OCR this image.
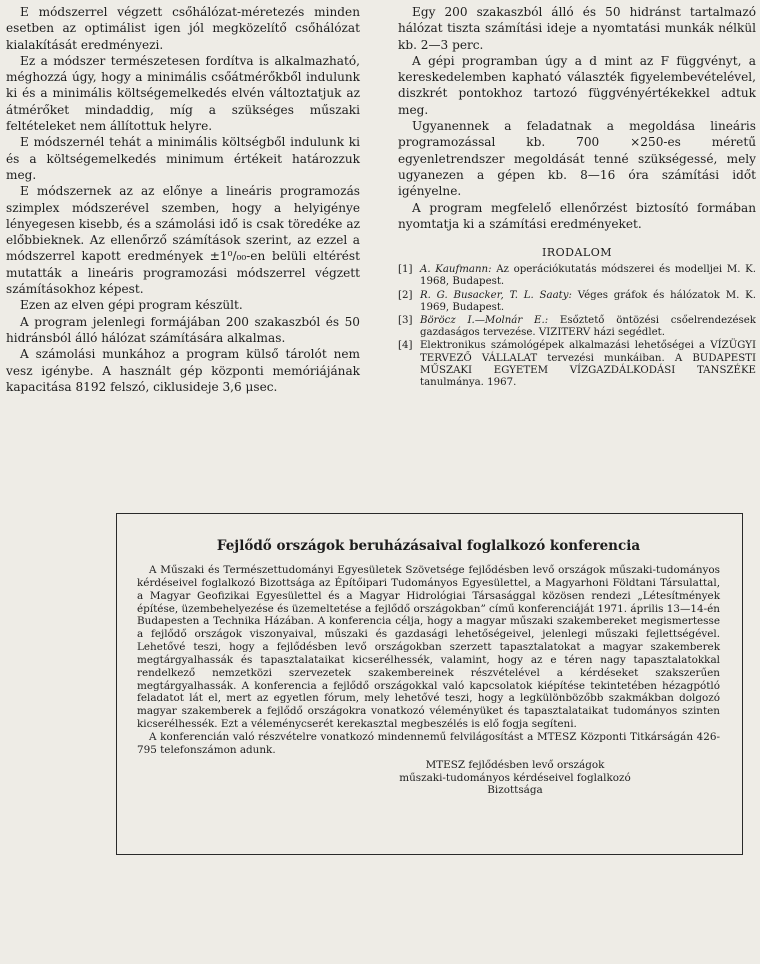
E módszerrel végzett csőhálózat-méretezés minden esetben az optimálist igen jól megközelítő csőhálózat kialakítását eredményezi.

Ez a módszer természetesen fordítva is alkalmazható, méghozzá úgy, hogy a minimális csőátmérőkből indulunk ki és a minimális költségemelkedés elvén változtatjuk az átmérőket mindaddig, míg a szükséges műszaki feltételeket nem állítottuk helyre.

E módszernél tehát a minimális költségből indulunk ki és a költségemelkedés minimum értékeit határozzuk meg.

E módszernek az az előnye a lineáris programozás szimplex módszerével szemben, hogy a helyigénye lényegesen kisebb, és a számolási idő is csak töredéke az előbbieknek. Az ellenőrző számítások szerint, az ezzel a módszerrel kapott eredmények ±1⁰/₀₀-en belüli eltérést mutatták a lineáris programozási módszerrel végzett számításokhoz képest.

Ezen az elven gépi program készült.

A program jelenlegi formájában 200 szakaszból és 50 hidránsból álló hálózat számítására alkalmas.

A számolási munkához a program külső tárolót nem vesz igénybe. A használt gép központi memóriájának kapacitása 8192 felszó, ciklusideje 3,6 μsec.

Egy 200 szakaszból álló és 50 hidránst tartalmazó hálózat tiszta számítási ideje a nyomtatási munkák nélkül kb. 2—3 perc.

A gépi programban úgy a d mint az F függvényt, a kereskedelemben kapható választék figyelembevételével, diszkrét pontokhoz tartozó függvényértékekkel adtuk meg.

Ugyanennek a feladatnak a megoldása lineáris programozással kb. 700 ×250-es méretű egyenletrendszer megoldását tenné szükségessé, mely ugyanezen a gépen kb. 8—16 óra számítási időt igényelne.

A program megfelelő ellenőrzést biztosító formában nyomtatja ki a számítási eredményeket.

IRODALOM
[1] A. Kaufmann: Az operációkutatás módszerei és modelljei M. K. 1968, Budapest.
[2] R. G. Busacker, T. L. Saaty: Véges gráfok és hálózatok M. K. 1969, Budapest.
[3] Böröcz I.—Molnár E.: Esőztető öntözési csőelrendezések gazdaságos tervezése. VIZITERV házi segédlet.
[4] Elektronikus számológépek alkalmazási lehetőségei a VÍZÜGYI TERVEZŐ VÁLLALAT tervezési munkáiban. A BUDAPESTI MŰSZAKI EGYETEM VÍZGAZDÁLKODÁSI TANSZÉKE tanulmánya. 1967.
Fejlődő országok beruházásaival foglalkozó konferencia

A Műszaki és Természettudományi Egyesületek Szövetsége fejlődésben levő országok műszaki-tudományos kérdéseivel foglalkozó Bizottsága az Építőipari Tudományos Egyesülettel, a Magyarhoni Földtani Társulattal, a Magyar Geofizikai Egyesülettel és a Magyar Hidrológiai Társasággal közösen rendezi „Létesítmények építése, üzembehelyezése és üzemeltetése a fejlődő országokban” című konferenciáját 1971. április 13—14-én Budapesten a Technika Házában. A konferencia célja, hogy a magyar műszaki szakembereket megismertesse a fejlődő országok viszonyaival, műszaki és gazdasági lehetőségeivel, jelenlegi műszaki fejlettségével. Lehetővé teszi, hogy a fejlődésben levő országokban szerzett tapasztalatokat a magyar szakemberek megtárgyalhassák és tapasztalataikat kicserélhessék, valamint, hogy az e téren nagy tapasztalatokkal rendelkező nemzetközi szervezetek szakembereinek részvételével a kérdéseket szakszerűen megtárgyalhassák. A konferencia a fejlődő országokkal való kapcsolatok kiépítése tekintetében hézagpótló feladatot lát el, mert az egyetlen fórum, mely lehetővé teszi, hogy a legkülönbözőbb szakmákban dolgozó magyar szakemberek a fejlődő országokra vonatkozó véleményüket és tapasztalataikat tudományos szinten kicserélhessék. Ezt a véleménycserét kerekasztal megbeszélés is elő fogja segíteni.

A konferencián való részvételre vonatkozó mindennemű felvilágosítást a MTESZ Központi Titkárságán 426-795 telefonszámon adunk.

MTESZ fejlődésben levő országok
műszaki-tudományos kérdéseivel foglalkozó
Bizottsága
